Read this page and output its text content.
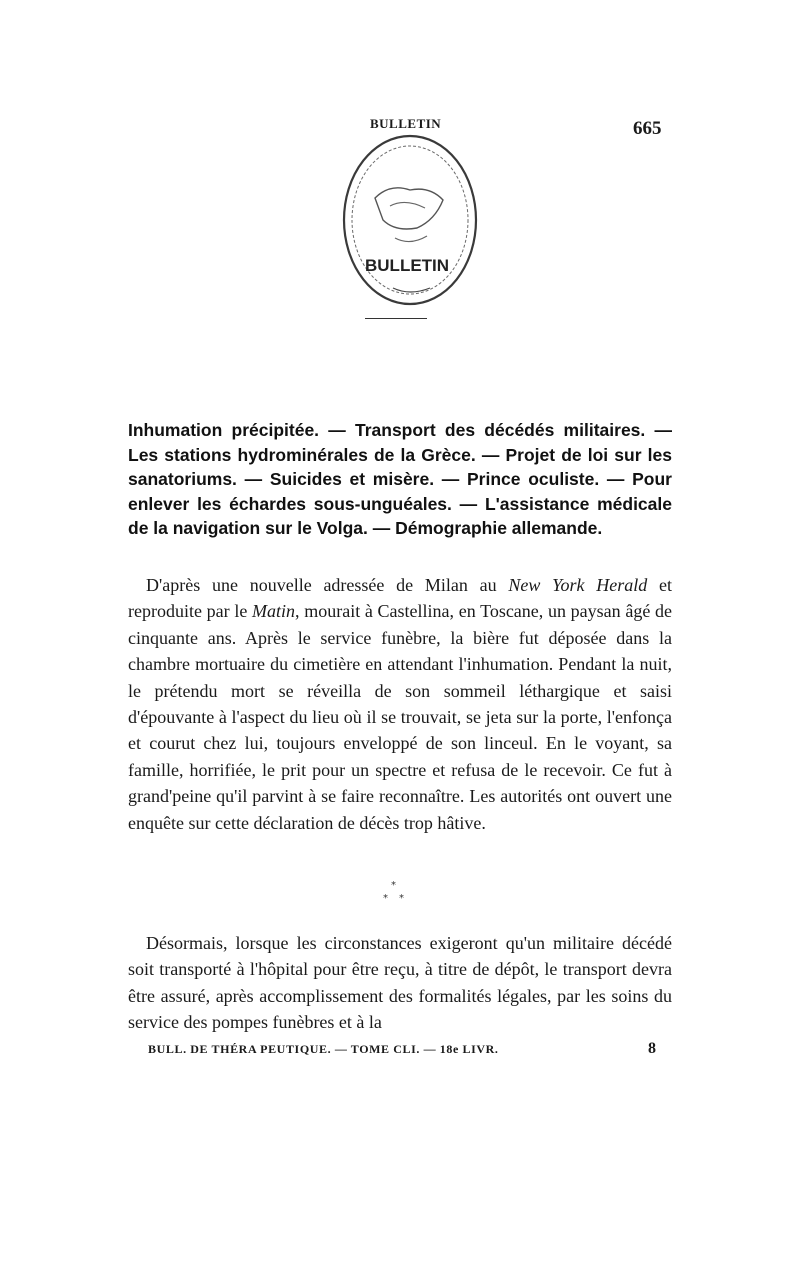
BULLETIN	665
BULLETIN
Inhumation précipitée. — Transport des décédés militaires. — Les stations hydrominérales de la Grèce. — Projet de loi sur les sanatoriums. — Suicides et misère. — Prince oculiste. — Pour enlever les échardes sous-unguéales. — L'assistance médicale de la navigation sur le Volga. — Démographie allemande.
D'après une nouvelle adressée de Milan au New York Herald et reproduite par le Matin, mourait à Castellina, en Toscane, un paysan âgé de cinquante ans. Après le service funèbre, la bière fut déposée dans la chambre mortuaire du cimetière en attendant l'inhumation. Pendant la nuit, le prétendu mort se réveilla de son sommeil léthargique et saisi d'épouvante à l'aspect du lieu où il se trouvait, se jeta sur la porte, l'enfonça et courut chez lui, toujours enveloppé de son linceul. En le voyant, sa famille, horrifiée, le prit pour un spectre et refusa de le recevoir. Ce fut à grand'peine qu'il parvint à se faire reconnaître. Les autorités ont ouvert une enquête sur cette déclaration de décès trop hâtive.
*
* *
Désormais, lorsque les circonstances exigeront qu'un militaire décédé soit transporté à l'hôpital pour être reçu, à titre de dépôt, le transport devra être assuré, après accomplissement des formalités légales, par les soins du service des pompes funèbres et à la
BULL. DE THÉRA PEUTIQUE. — TOME CLI. — 18e LIVR.	8
